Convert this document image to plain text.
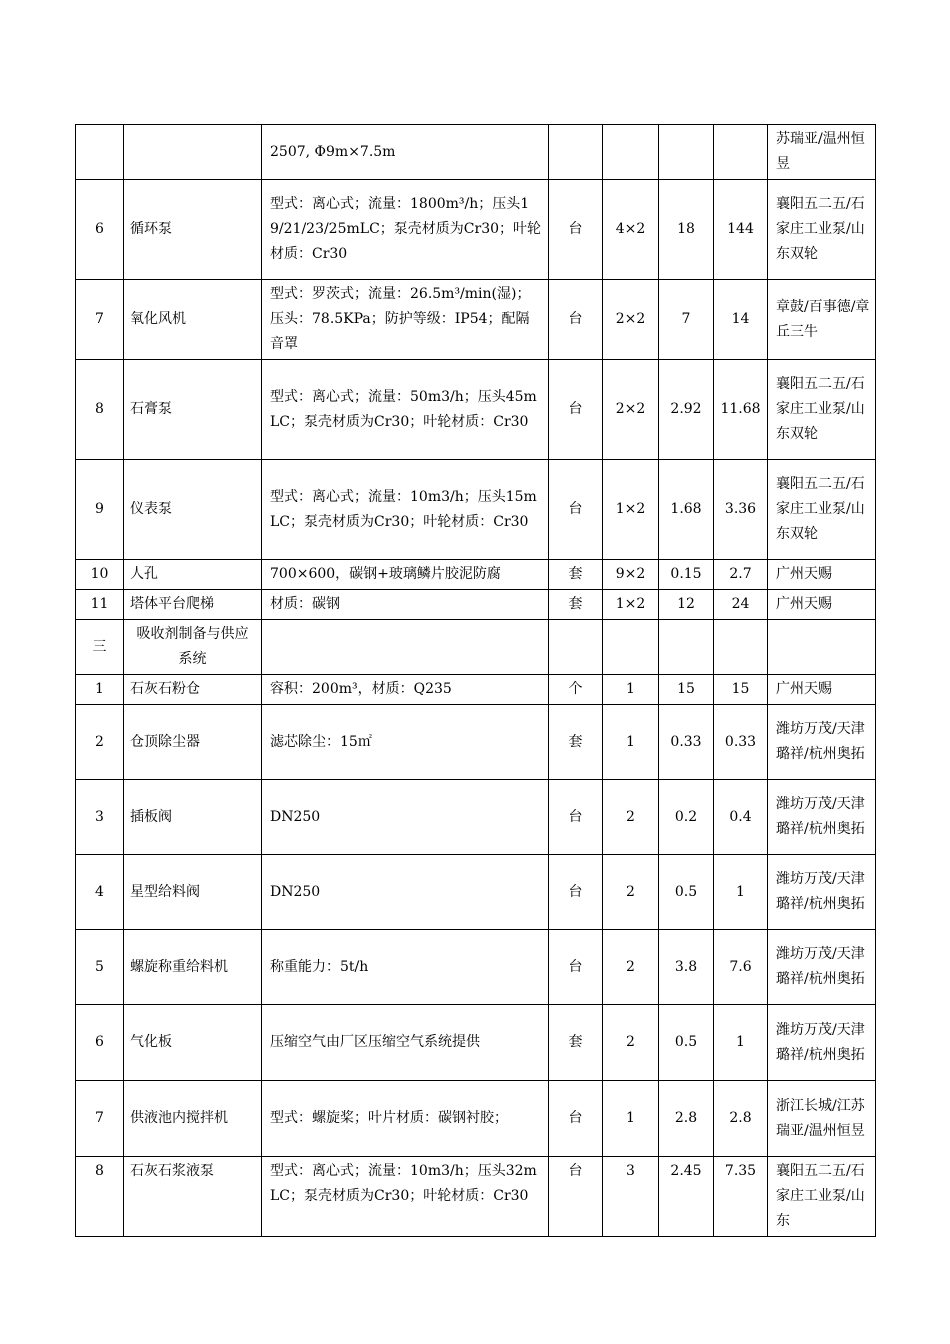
		2507, Φ9m×7.5m					苏瑞亚/温州恒昱
6	循环泵	型式：离心式；流量：1800m³/h；压头19/21/23/25mLC；泵壳材质为Cr30；叶轮材质：Cr30	台	4×2	18	144	襄阳五二五/石家庄工业泵/山东双轮
7	氧化风机	型式：罗茨式；流量：26.5m³/min(湿)；压头：78.5KPa；防护等级：IP54；配隔音罩	台	2×2	7	14	章鼓/百事德/章丘三牛
8	石膏泵	型式：离心式；流量：50m3/h；压头45mLC；泵壳材质为Cr30；叶轮材质：Cr30	台	2×2	2.92	11.68	襄阳五二五/石家庄工业泵/山东双轮
9	仪表泵	型式：离心式；流量：10m3/h；压头15mLC；泵壳材质为Cr30；叶轮材质：Cr30	台	1×2	1.68	3.36	襄阳五二五/石家庄工业泵/山东双轮
10	人孔	700×600，碳钢+玻璃鳞片胶泥防腐	套	9×2	0.15	2.7	广州天赐
11	塔体平台爬梯	材质：碳钢	套	1×2	12	24	广州天赐
三	吸收剂制备与供应系统						
1	石灰石粉仓	容积：200m³，材质：Q235	个	1	15	15	广州天赐
2	仓顶除尘器	滤芯除尘：15㎡	套	1	0.33	0.33	潍坊万茂/天津璐祥/杭州奥拓
3	插板阀	DN250	台	2	0.2	0.4	潍坊万茂/天津璐祥/杭州奥拓
4	星型给料阀	DN250	台	2	0.5	1	潍坊万茂/天津璐祥/杭州奥拓
5	螺旋称重给料机	称重能力：5t/h	台	2	3.8	7.6	潍坊万茂/天津璐祥/杭州奥拓
6	气化板	压缩空气由厂区压缩空气系统提供	套	2	0.5	1	潍坊万茂/天津璐祥/杭州奥拓
7	供液池内搅拌机	型式：螺旋桨；叶片材质：碳钢衬胶；	台	1	2.8	2.8	浙江长城/江苏瑞亚/温州恒昱
8	石灰石浆液泵	型式：离心式；流量：10m3/h；压头32mLC；泵壳材质为Cr30；叶轮材质：Cr30	台	3	2.45	7.35	襄阳五二五/石家庄工业泵/山东
